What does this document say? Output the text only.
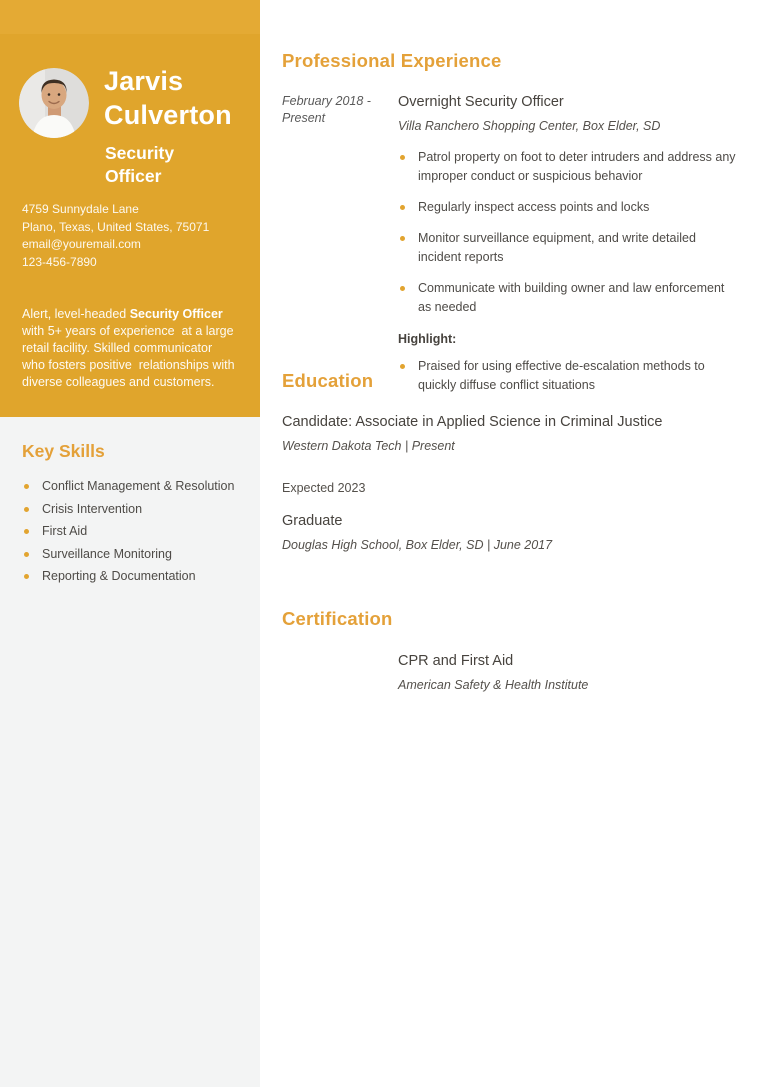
Jarvis Culverton
Security Officer
4759 Sunnydale Lane
Plano, Texas, United States, 75071
email@youremail.com
123-456-7890
Alert, level-headed Security Officer with 5+ years of experience  at a large retail facility. Skilled communicator who fosters positive  relationships with diverse colleagues and customers.
Key Skills
Conflict Management & Resolution
Crisis Intervention
First Aid
Surveillance Monitoring
Reporting & Documentation
Professional Experience
February 2018 - Present

Overnight Security Officer

Villa Ranchero Shopping Center, Box Elder, SD

Patrol property on foot to deter intruders and address any improper conduct or suspicious behavior
Regularly inspect access points and locks
Monitor surveillance equipment, and write detailed incident reports
Communicate with building owner and law enforcement as needed
Highlight:
Praised for using effective de-escalation methods to quickly diffuse conflict situations
Education

Candidate: Associate in Applied Science in Criminal Justice

Western Dakota Tech | Present

Expected 2023

Graduate

Douglas High School, Box Elder, SD | June 2017

Certification

CPR and First Aid

American Safety & Health Institute
